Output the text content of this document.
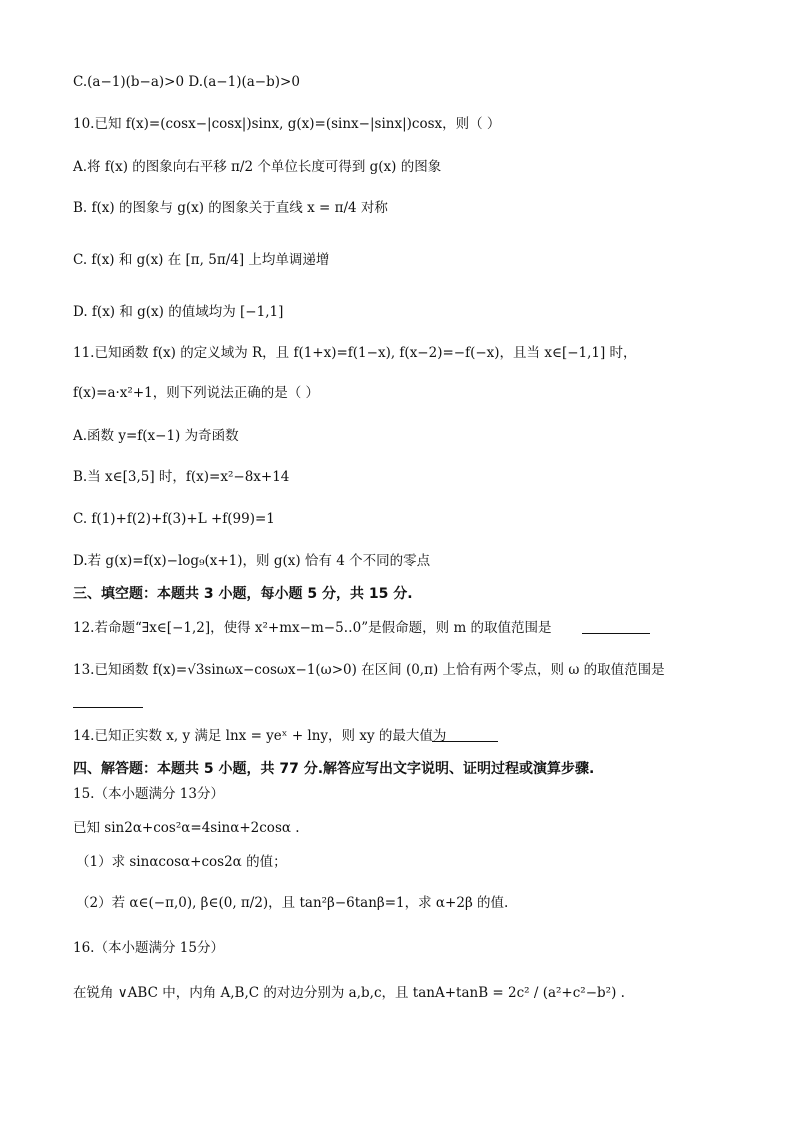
C.(a−1)(b−a)>0 D.(a−1)(a−b)>0
10.已知 f(x)=(cosx−|cosx|)sinx, g(x)=(sinx−|sinx|)cosx，则（ ）
A.将 f(x) 的图象向右平移 π/2 个单位长度可得到 g(x) 的图象
B. f(x) 的图象与 g(x) 的图象关于直线 x = π/4 对称
C. f(x) 和 g(x) 在 [π, 5π/4] 上均单调递增
D. f(x) 和 g(x) 的值域均为 [−1,1]
11.已知函数 f(x) 的定义域为 R，且 f(1+x)=f(1−x), f(x−2)=−f(−x)，且当 x∈[−1,1] 时，
f(x)=a·x²+1，则下列说法正确的是（ ）
A.函数 y=f(x−1) 为奇函数
B.当 x∈[3,5] 时，f(x)=x²−8x+14
C. f(1)+f(2)+f(3)+L +f(99)=1
D.若 g(x)=f(x)−log₉(x+1)，则 g(x) 恰有 4 个不同的零点
三、填空题：本题共 3 小题，每小题 5 分，共 15 分.
12.若命题“∃x∈[−1,2]，使得 x²+mx−m−5‥0”是假命题，则 m 的取值范围是
13.已知函数 f(x)=√3sinωx−cosωx−1(ω>0) 在区间 (0,π) 上恰有两个零点，则 ω 的取值范围是
14.已知正实数 x, y 满足 lnx = yeˣ + lny，则 xy 的最大值为
四、解答题：本题共 5 小题，共 77 分.解答应写出文字说明、证明过程或演算步骤.
15.（本小题满分 13分）
已知 sin2α+cos²α=4sinα+2cosα .
（1）求 sinαcosα+cos2α 的值；
（2）若 α∈(−π,0), β∈(0, π/2)，且 tan²β−6tanβ=1，求 α+2β 的值.
16.（本小题满分 15分）
在锐角 ∨ABC 中，内角 A,B,C 的对边分别为 a,b,c，且 tanA+tanB = 2c² / (a²+c²−b²) .
